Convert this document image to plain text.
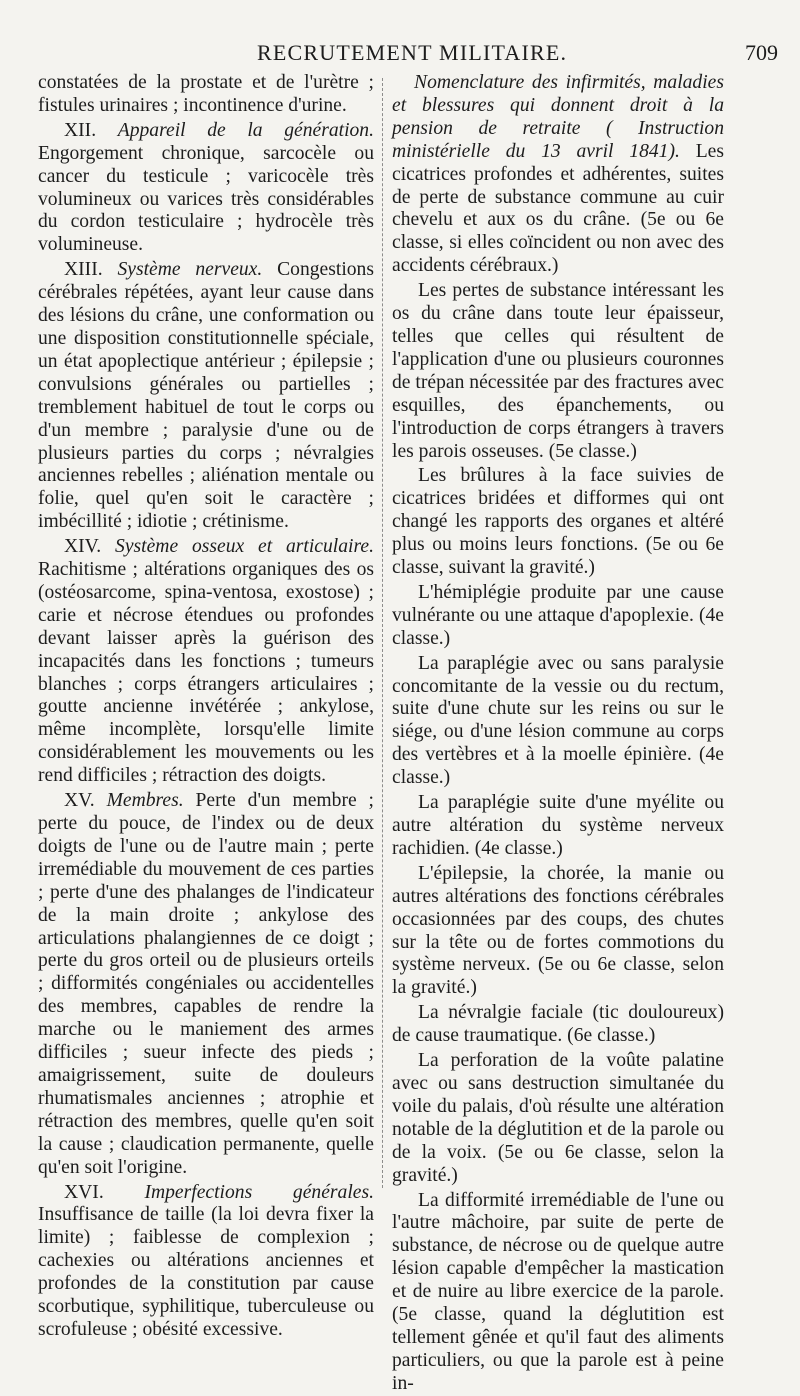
RECRUTEMENT MILITAIRE.	709

constatées de la prostate et de l'urètre ; fistules urinaires ; incontinence d'urine.

XII. Appareil de la génération. Engorgement chronique, sarcocèle ou cancer du testicule ; varicocèle très volumineux ou varices très considérables du cordon testiculaire ; hydrocèle très volumineuse.

XIII. Système nerveux. Congestions cérébrales répétées, ayant leur cause dans des lésions du crâne, une conformation ou une disposition constitutionnelle spéciale, un état apoplectique antérieur ; épilepsie ; convulsions générales ou partielles ; tremblement habituel de tout le corps ou d'un membre ; paralysie d'une ou de plusieurs parties du corps ; névralgies anciennes rebelles ; aliénation mentale ou folie, quel qu'en soit le caractère ; imbécillité ; idiotie ; crétinisme.

XIV. Système osseux et articulaire. Rachitisme ; altérations organiques des os (ostéosarcome, spina-ventosa, exostose) ; carie et nécrose étendues ou profondes devant laisser après la guérison des incapacités dans les fonctions ; tumeurs blanches ; corps étrangers articulaires ; goutte ancienne invétérée ; ankylose, même incomplète, lorsqu'elle limite considérablement les mouvements ou les rend difficiles ; rétraction des doigts.

XV. Membres. Perte d'un membre ; perte du pouce, de l'index ou de deux doigts de l'une ou de l'autre main ; perte irremédiable du mouvement de ces parties ; perte d'une des phalanges de l'indicateur de la main droite ; ankylose des articulations phalangiennes de ce doigt ; perte du gros orteil ou de plusieurs orteils ; difformités congéniales ou accidentelles des membres, capables de rendre la marche ou le maniement des armes difficiles ; sueur infecte des pieds ; amaigrissement, suite de douleurs rhumatismales anciennes ; atrophie et rétraction des membres, quelle qu'en soit la cause ; claudication permanente, quelle qu'en soit l'origine.

XVI. Imperfections générales. Insuffisance de taille (la loi devra fixer la limite) ; faiblesse de complexion ; cachexies ou altérations anciennes et profondes de la constitution par cause scorbutique, syphilitique, tuberculeuse ou scrofuleuse ; obésité excessive.

Nomenclature des infirmités, maladies et blessures qui donnent droit à la pension de retraite ( Instruction ministérielle du 13 avril 1841). Les cicatrices profondes et adhérentes, suites de perte de substance commune au cuir chevelu et aux os du crâne. (5e ou 6e classe, si elles coïncident ou non avec des accidents cérébraux.)

Les pertes de substance intéressant les os du crâne dans toute leur épaisseur, telles que celles qui résultent de l'application d'une ou plusieurs couronnes de trépan nécessitée par des fractures avec esquilles, des épanchements, ou l'introduction de corps étrangers à travers les parois osseuses. (5e classe.)

Les brûlures à la face suivies de cicatrices bridées et difformes qui ont changé les rapports des organes et altéré plus ou moins leurs fonctions. (5e ou 6e classe, suivant la gravité.)

L'hémiplégie produite par une cause vulnérante ou une attaque d'apoplexie. (4e classe.)

La paraplégie avec ou sans paralysie concomitante de la vessie ou du rectum, suite d'une chute sur les reins ou sur le siége, ou d'une lésion commune au corps des vertèbres et à la moelle épinière. (4e classe.)

La paraplégie suite d'une myélite ou autre altération du système nerveux rachidien. (4e classe.)

L'épilepsie, la chorée, la manie ou autres altérations des fonctions cérébrales occasionnées par des coups, des chutes sur la tête ou de fortes commotions du système nerveux. (5e ou 6e classe, selon la gravité.)

La névralgie faciale (tic douloureux) de cause traumatique. (6e classe.)

La perforation de la voûte palatine avec ou sans destruction simultanée du voile du palais, d'où résulte une altération notable de la déglutition et de la parole ou de la voix. (5e ou 6e classe, selon la gravité.)

La difformité irremédiable de l'une ou l'autre mâchoire, par suite de perte de substance, de nécrose ou de quelque autre lésion capable d'empêcher la mastication et de nuire au libre exercice de la parole. (5e classe, quand la déglutition est tellement gênée et qu'il faut des aliments particuliers, ou que la parole est à peine in-
